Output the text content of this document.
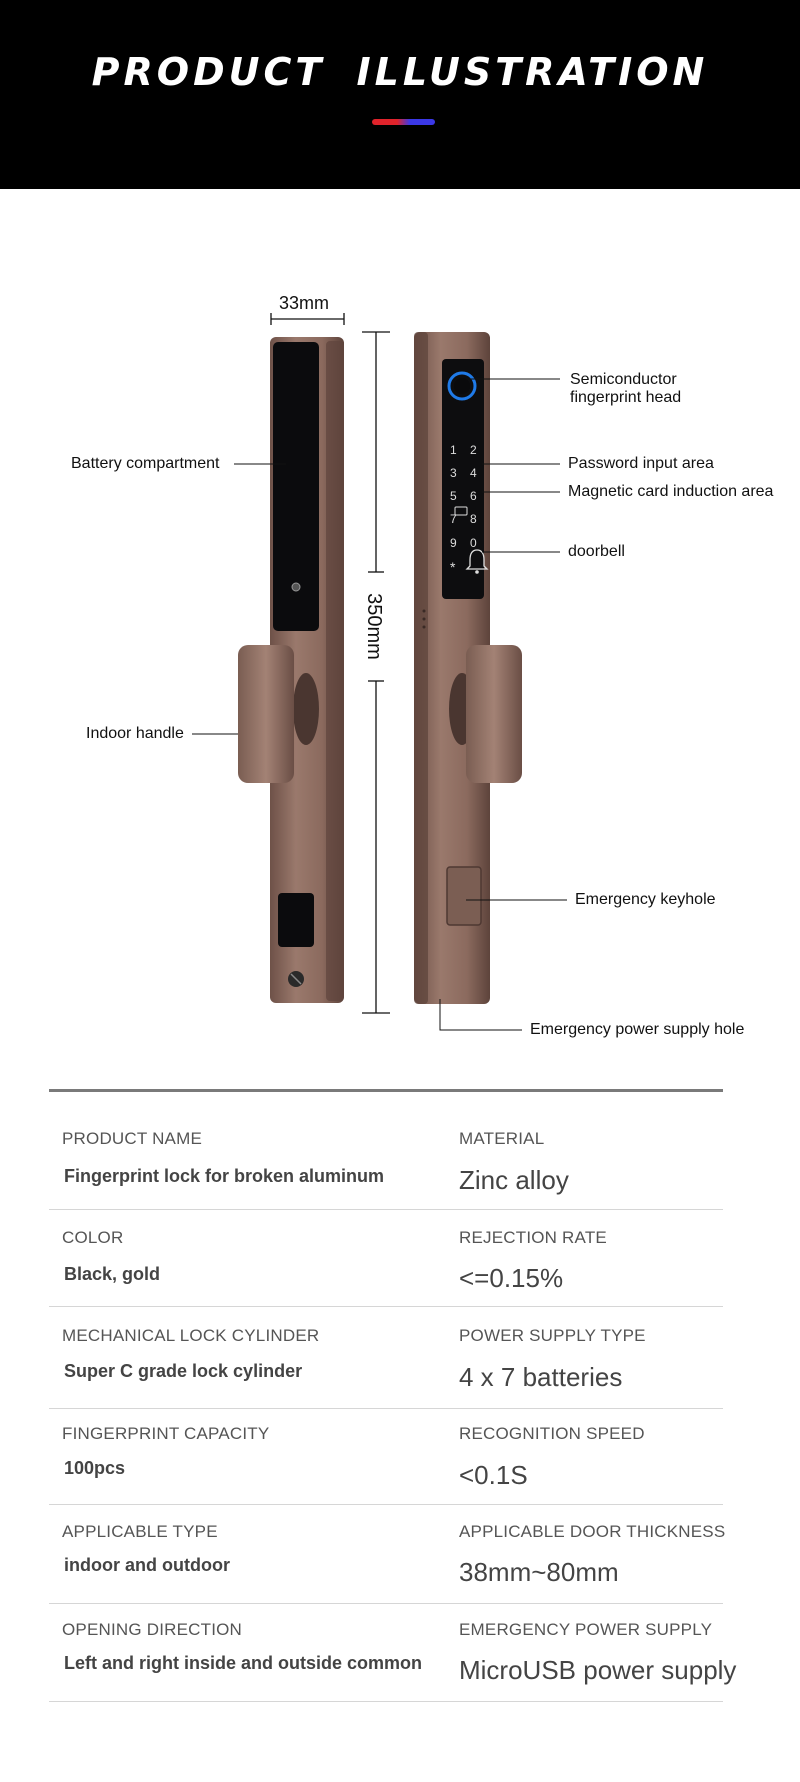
PRODUCT ILLUSTRATION
1 2
3 4
5 6
7 8
9 0
*
33mm
350mm
Battery compartment
Indoor handle
Semiconductor
fingerprint head
Password input area
Magnetic card induction area
doorbell
Emergency keyhole
Emergency power supply hole
PRODUCT NAME
Fingerprint lock for broken aluminum
MATERIAL
Zinc alloy
COLOR
Black, gold
REJECTION RATE
<=0.15%
MECHANICAL LOCK CYLINDER
Super C grade lock cylinder
POWER SUPPLY TYPE
4 x 7 batteries
FINGERPRINT CAPACITY
100pcs
RECOGNITION SPEED
<0.1S
APPLICABLE TYPE
indoor and outdoor
APPLICABLE DOOR THICKNESS
38mm~80mm
OPENING DIRECTION
Left and right inside and outside common
EMERGENCY POWER SUPPLY
MicroUSB power supply
